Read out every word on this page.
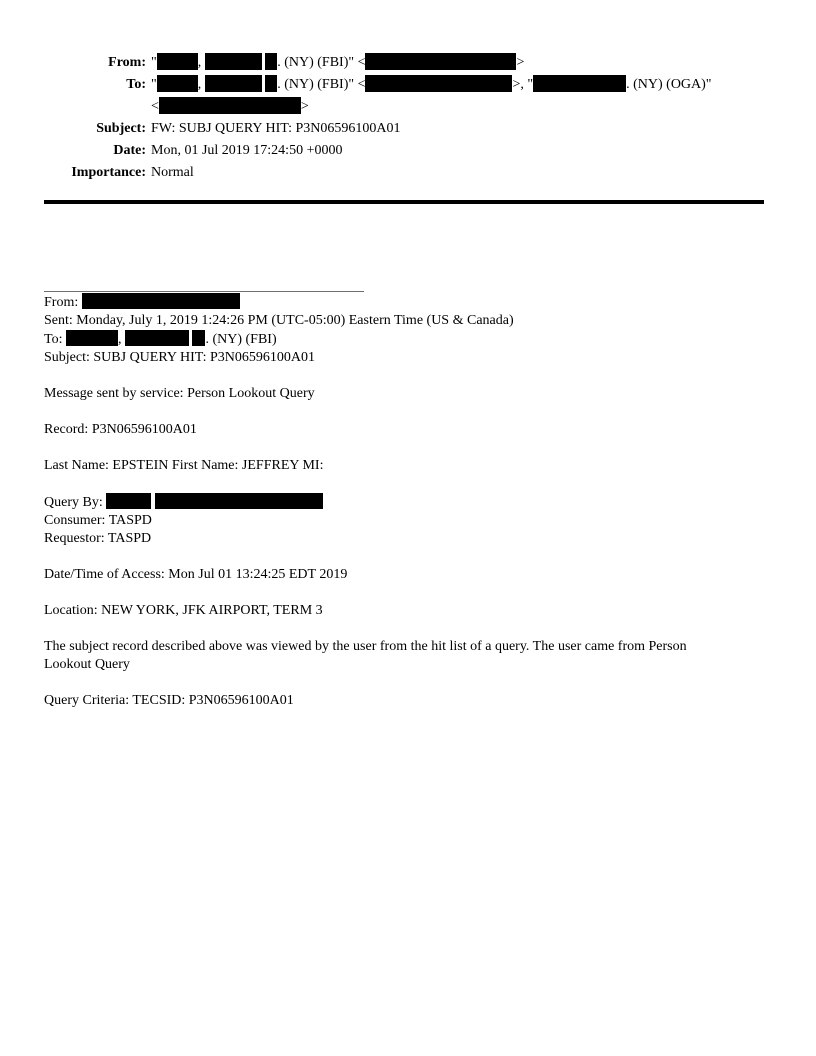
From: "	,	. (NY) (FBI)" <	>
To: "	,	. (NY) (FBI)" <	>, "	. (NY) (OGA)"
<	>
Subject: FW: SUBJ QUERY HIT: P3N06596100A01
Date: Mon, 01 Jul 2019 17:24:50 +0000
Importance: Normal
From:
Sent: Monday, July 1, 2019 1:24:26 PM (UTC-05:00) Eastern Time (US & Canada)
To:	,	. (NY) (FBI)
Subject: SUBJ QUERY HIT: P3N06596100A01
Message sent by service: Person Lookout Query
Record: P3N06596100A01
Last Name: EPSTEIN First Name: JEFFREY MI:
Query By:
Consumer: TASPD
Requestor: TASPD
Date/Time of Access: Mon Jul 01 13:24:25 EDT 2019
Location: NEW YORK, JFK AIRPORT, TERM 3
The subject record described above was viewed by the user from the hit list of a query. The user came from Person Lookout Query
Query Criteria: TECSID: P3N06596100A01
